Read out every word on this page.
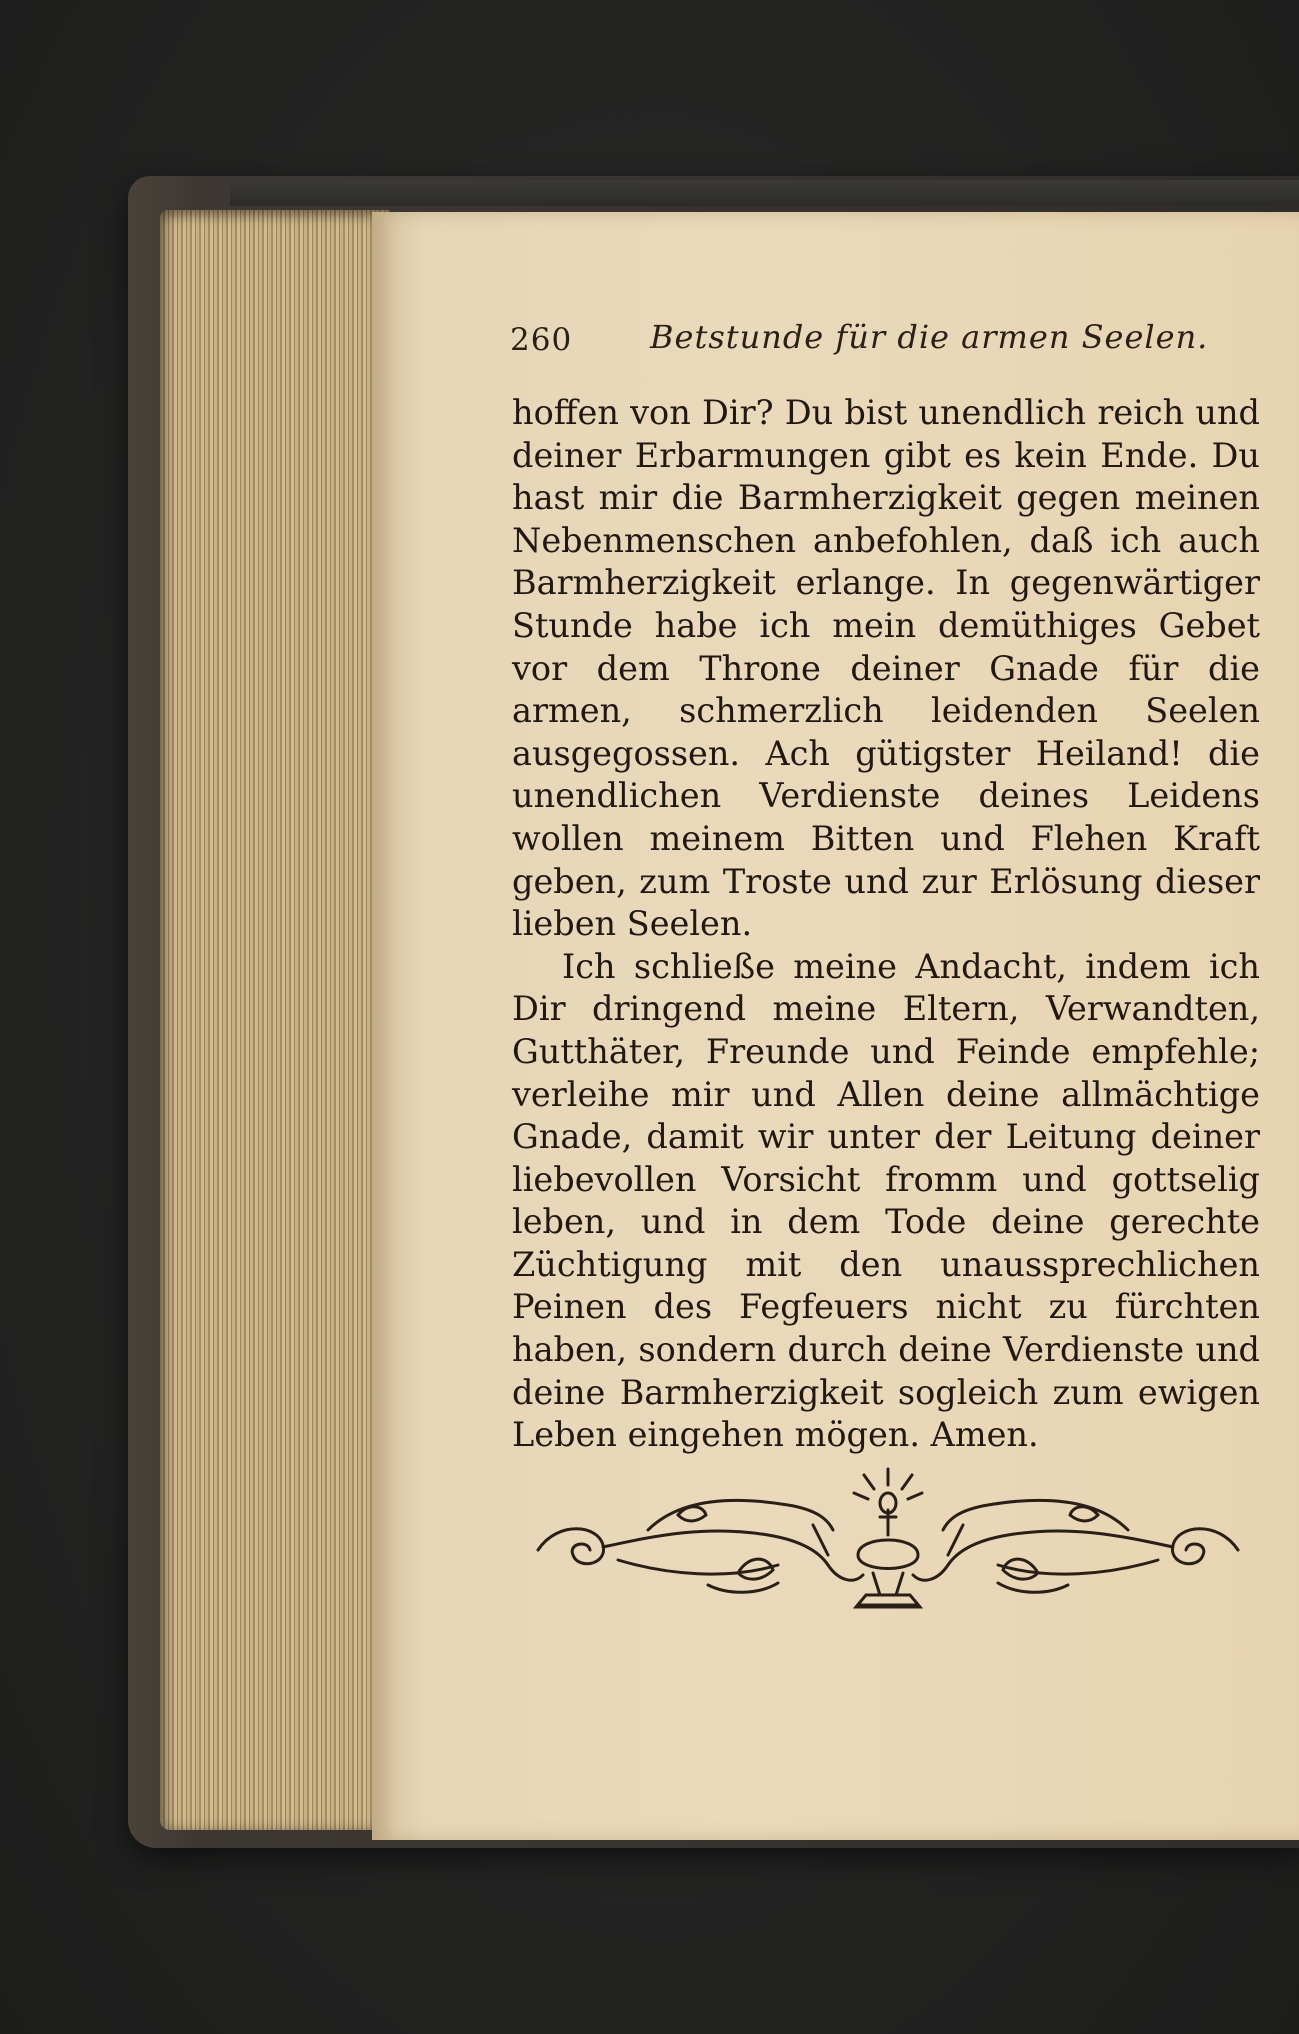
260 Betstunde für die armen Seelen.

hoffen von Dir? Du bist unendlich reich und deiner Erbarmungen gibt es kein Ende. Du hast mir die Barmherzigkeit gegen meinen Nebenmenschen anbefohlen, daß ich auch Barmherzigkeit erlange. In gegenwärtiger Stunde habe ich mein demüthiges Gebet vor dem Throne deiner Gnade für die armen, schmerzlich leidenden Seelen ausgegossen. Ach gütigster Heiland! die unendlichen Verdienste deines Leidens wollen meinem Bitten und Flehen Kraft geben, zum Troste und zur Erlösung dieser lieben Seelen.

Ich schließe meine Andacht, indem ich Dir dringend meine Eltern, Verwandten, Gutthäter, Freunde und Feinde empfehle; verleihe mir und Allen deine allmächtige Gnade, damit wir unter der Leitung deiner liebevollen Vorsicht fromm und gottselig leben, und in dem Tode deine gerechte Züchtigung mit den unaussprechlichen Peinen des Fegfeuers nicht zu fürchten haben, sondern durch deine Verdienste und deine Barmherzigkeit sogleich zum ewigen Leben eingehen mögen. Amen.
